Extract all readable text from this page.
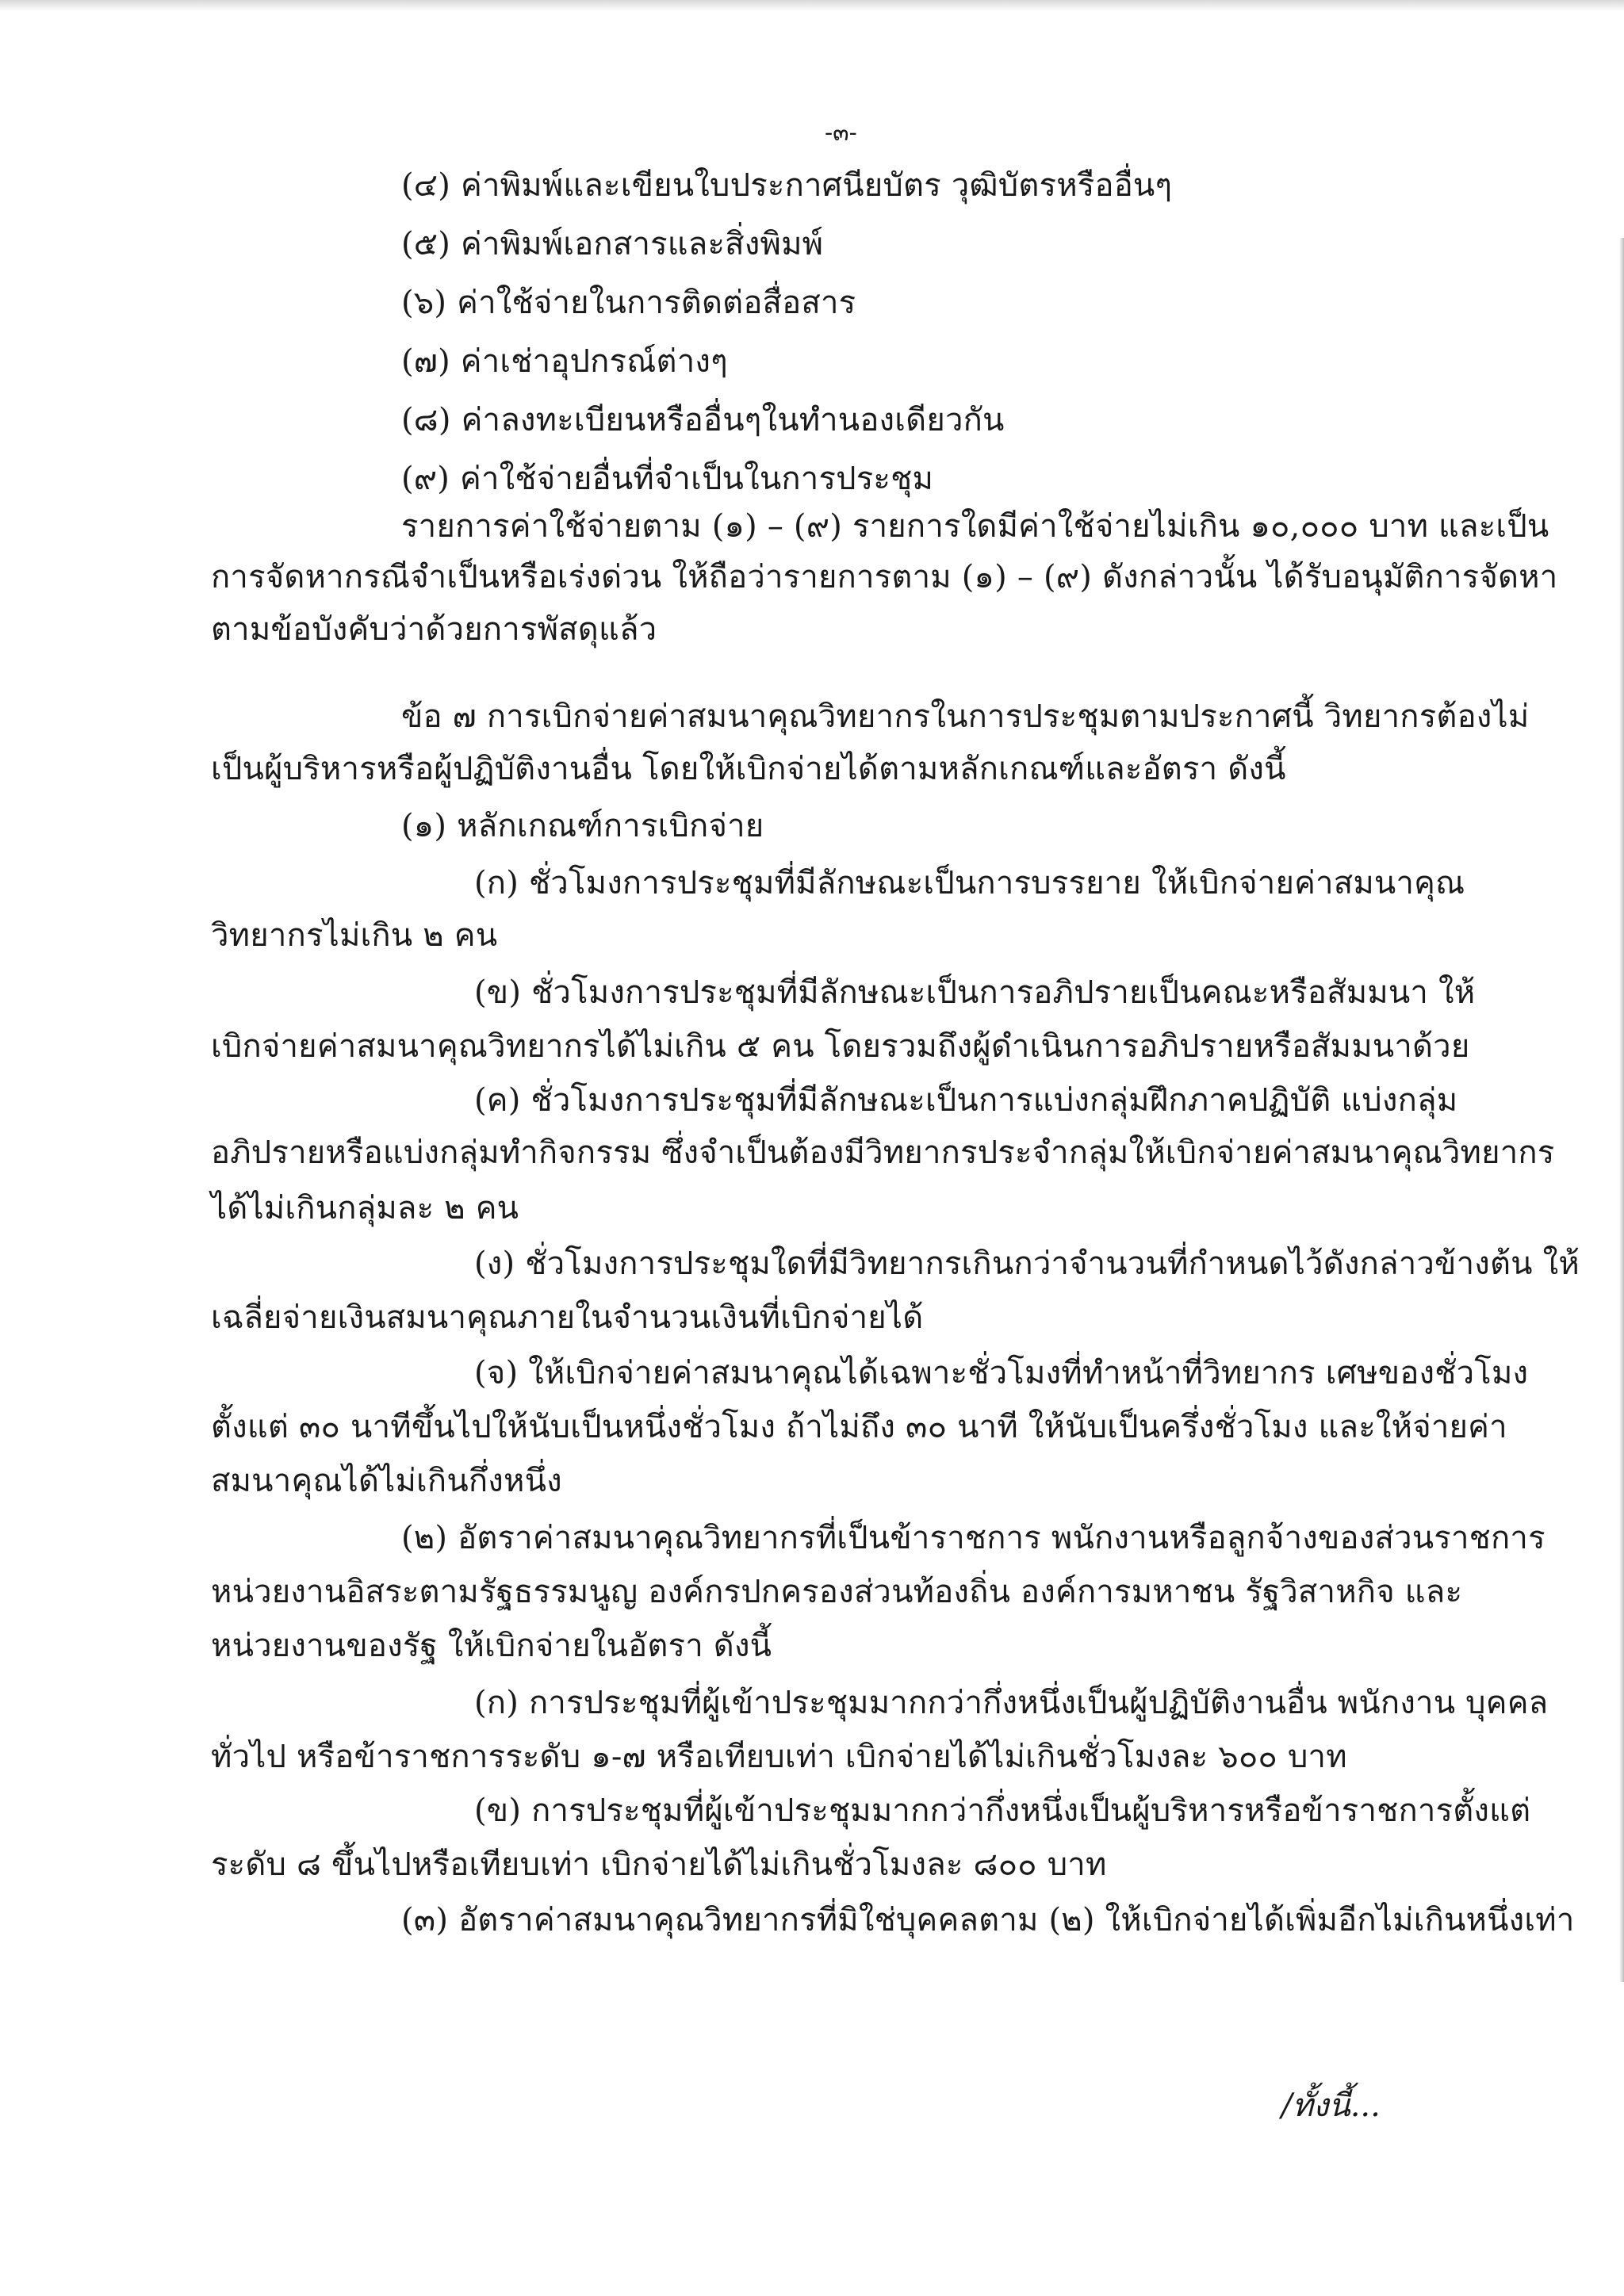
-๓-
(๔) ค่าพิมพ์และเขียนใบประกาศนียบัตร วุฒิบัตรหรืออื่นๆ
(๕) ค่าพิมพ์เอกสารและสิ่งพิมพ์
(๖) ค่าใช้จ่ายในการติดต่อสื่อสาร
(๗) ค่าเช่าอุปกรณ์ต่างๆ
(๘) ค่าลงทะเบียนหรืออื่นๆในทำนองเดียวกัน
(๙) ค่าใช้จ่ายอื่นที่จำเป็นในการประชุม
รายการค่าใช้จ่ายตาม (๑) – (๙) รายการใดมีค่าใช้จ่ายไม่เกิน ๑๐,๐๐๐ บาท และเป็น
การจัดหากรณีจำเป็นหรือเร่งด่วน ให้ถือว่ารายการตาม (๑) – (๙) ดังกล่าวนั้น ได้รับอนุมัติการจัดหา
ตามข้อบังคับว่าด้วยการพัสดุแล้ว
ข้อ ๗ การเบิกจ่ายค่าสมนาคุณวิทยากรในการประชุมตามประกาศนี้ วิทยากรต้องไม่
เป็นผู้บริหารหรือผู้ปฏิบัติงานอื่น โดยให้เบิกจ่ายได้ตามหลักเกณฑ์และอัตรา ดังนี้
(๑) หลักเกณฑ์การเบิกจ่าย
(ก) ชั่วโมงการประชุมที่มีลักษณะเป็นการบรรยาย ให้เบิกจ่ายค่าสมนาคุณ
วิทยากรไม่เกิน ๒ คน
(ข) ชั่วโมงการประชุมที่มีลักษณะเป็นการอภิปรายเป็นคณะหรือสัมมนา ให้
เบิกจ่ายค่าสมนาคุณวิทยากรได้ไม่เกิน ๕ คน โดยรวมถึงผู้ดำเนินการอภิปรายหรือสัมมนาด้วย
(ค) ชั่วโมงการประชุมที่มีลักษณะเป็นการแบ่งกลุ่มฝึกภาคปฏิบัติ แบ่งกลุ่ม
อภิปรายหรือแบ่งกลุ่มทำกิจกรรม ซึ่งจำเป็นต้องมีวิทยากรประจำกลุ่มให้เบิกจ่ายค่าสมนาคุณวิทยากร
ได้ไม่เกินกลุ่มละ ๒ คน
(ง) ชั่วโมงการประชุมใดที่มีวิทยากรเกินกว่าจำนวนที่กำหนดไว้ดังกล่าวข้างต้น ให้
เฉลี่ยจ่ายเงินสมนาคุณภายในจำนวนเงินที่เบิกจ่ายได้
(จ) ให้เบิกจ่ายค่าสมนาคุณได้เฉพาะชั่วโมงที่ทำหน้าที่วิทยากร เศษของชั่วโมง
ตั้งแต่ ๓๐ นาทีขึ้นไปให้นับเป็นหนึ่งชั่วโมง ถ้าไม่ถึง ๓๐ นาที ให้นับเป็นครึ่งชั่วโมง และให้จ่ายค่า
สมนาคุณได้ไม่เกินกึ่งหนึ่ง
(๒) อัตราค่าสมนาคุณวิทยากรที่เป็นข้าราชการ พนักงานหรือลูกจ้างของส่วนราชการ
หน่วยงานอิสระตามรัฐธรรมนูญ องค์กรปกครองส่วนท้องถิ่น องค์การมหาชน รัฐวิสาหกิจ และ
หน่วยงานของรัฐ ให้เบิกจ่ายในอัตรา ดังนี้
(ก) การประชุมที่ผู้เข้าประชุมมากกว่ากึ่งหนึ่งเป็นผู้ปฏิบัติงานอื่น พนักงาน บุคคล
ทั่วไป หรือข้าราชการระดับ ๑-๗ หรือเทียบเท่า เบิกจ่ายได้ไม่เกินชั่วโมงละ ๖๐๐ บาท
(ข) การประชุมที่ผู้เข้าประชุมมากกว่ากึ่งหนึ่งเป็นผู้บริหารหรือข้าราชการตั้งแต่
ระดับ ๘ ขึ้นไปหรือเทียบเท่า เบิกจ่ายได้ไม่เกินชั่วโมงละ ๘๐๐ บาท
(๓) อัตราค่าสมนาคุณวิทยากรที่มิใช่บุคคลตาม (๒) ให้เบิกจ่ายได้เพิ่มอีกไม่เกินหนึ่งเท่า
/ทั้งนี้...
